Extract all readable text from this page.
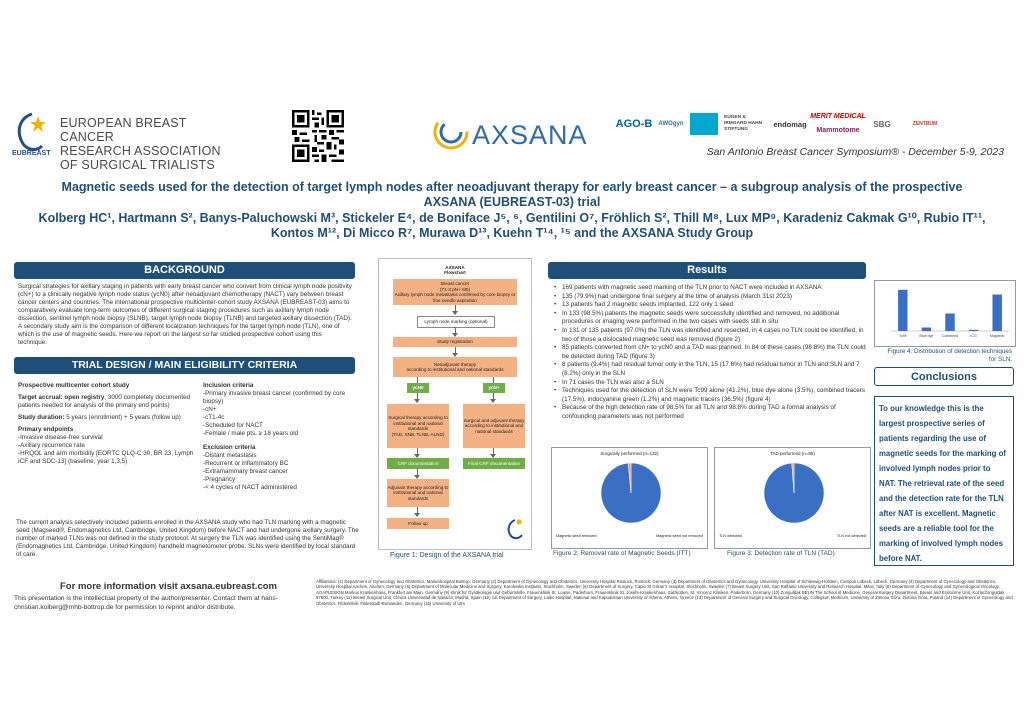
EUROPEAN BREAST CANCER
RESEARCH ASSOCIATION
OF SURGICAL TRIALISTS
EUBREAST
AXSANA	AGO-B	AWOgyn
EUGEN & IRMGARD HAHN STIFTUNG
endomag
MERIT MEDICAL
Mammotome
SBG	ZENTRUM
San Antonio Breast Cancer Symposium® - December 5-9, 2023
Magnetic seeds used for the detection of target lymph nodes after neoadjuvant therapy for early breast cancer – a subgroup analysis of the prospective AXSANA (EUBREAST-03) trial
Kolberg HC¹, Hartmann S², Banys-Paluchowski M³, Stickeler E⁴, de Boniface J⁵, ⁶, Gentilini O⁷, Fröhlich S², Thill M⁸, Lux MP⁹, Karadeniz Cakmak G¹⁰, Rubio IT¹¹, Kontos M¹², Di Micco R⁷, Murawa D¹³, Kuehn T¹⁴, ¹⁵ and the AXSANA Study Group
BACKGROUND
Surgical strategies for axillary staging in patients with early breast cancer who convert from clinical lymph node positivity (cN+) to a clinically negative lymph node status (ycN0) after neoadjuvant chemotherapy (NACT) vary between breast cancer centers and countries. The international prospective multicenter-cohort study AXSANA (EUBREAST-03) aims to comparatively evaluate long-term outcomes of different surgical staging procedures such as axillary lymph node dissection, sentinel lymph node biopsy (SLNB), target lymph node biopsy (TLNB) and targeted axillary dissection (TAD). A secondary study aim is the comparison of different localization techniques for the target lymph node (TLN), one of which is the use of magnetic seeds. Here we report on the largest so far studied prospective cohort using this technique.
TRIAL DESIGN / MAIN ELIGIBILITY CRITERIA
Prospective multicenter cohort study
Target accrual: open registry, 3000 completely documented patients needed for analysis of the primary end points)
Study duration: 5 years (enrollment) + 5 years (follow up)
Primary endpoints
-Invasive disease-free survival
-Axillary recurrence rate
-HRQOL and arm morbidity [EORTC QLQ-C 30, BR 23, Lymph ICF and SDC-13] (baseline, year 1,3,5)
Inclusion criteria
-Primary invasive breast cancer (confirmed by core biopsy)
-cN+
-cT1-4c
-Scheduled for NACT
-Female / male pts. ≥ 18 years old
Exclusion criteria
-Distant metastasis
-Recurrent or inflammatory BC
-Extramammary breast cancer
-Pregnancy
-< 4 cycles of NACT administered
The current analysis selectively included patients enrolled in the AXSANA study who had TLN marking with a magnetic seed (Magseed®, Endomagnetics Ltd, Cambridge, United Kingdom) before NACT and had undergone axillary surgery. The number of marked TLNs was not defined in the study protocol. At surgery the TLN was identified using the SentiMag® (Endomagnetics Ltd, Cambridge, United Kingdom) handheld magnetometer probe. SLNs were identified by local standard of care.
AXSANA
Flowchart
Breast cancer
(T1-3 pN+ M0)
Axillary lymph node metastasis confirmed by core biopsy or fine needle aspiration
Lymph node marking (optional)
Study registration
Neoadjuvant therapy
according to institutional and national standards
ycN0	ycN+
Surgical therapy according to institutional and national standards
(TAD, SNB, TLNB, ALND)
Surgical and adjuvant therapy according to institutional and national standards
CRF documentation	Final CRF documentation
Adjuvant therapy according to institutional and national standards
Follow up
Figure 1: Design of the AXSANA trial
Results
• 169 patients with magnetic seed marking of the TLN prior to NACT were included in AXSANA
• 135 (79.9%) had undergone final surgery at the time of analysis (March 31st 2023)
• 13 patients had 2 magnetic seeds implanted, 122 only 1 seed
• In 133 (98.5%) patients the magnetic seeds were successfully identified and removed, no additional procedures or imaging were performed in the two cases with seeds still in situ
• In 131 of 135 patients (97.0%) the TLN was identified and resected, in 4 cases no TLN could be identified, in two of those a dislocated magnetic seed was removed (figure 2)
• 85 patients converted from cN+ to ycN0 and a TAD was planned. In 84 of these cases (98.8%) the TLN could be detected during TAD (figure 3)
• 8 patients (9.4%) had residual tumor only in the TLN, 15 (17.6%) had residual tumor in TLN and SLN and 7 (8.2%) only in the SLN
• In 71 cases the TLN was also a SLN
• Techniques used for the detection of SLN were Tc99 alone (41.2%), blue dye alone (3.5%), combined tracers (17.5%), indocyanine green (1.2%) and magnetic tracers (36.5%) (figure 4)
• Because of the high detection rate of 98.5% for all TLN and 98.8% during TAD a formal analysis of confounding parameters was not performed
Surgically performed (n=132)
Magnetic seed removed	Magnetic seed not removed
Figure 2: Removal rate of Magnetic Seeds (ITT)
TAD performed (n=85)
TLN detected	TLN not detected
Figure 3: Detection rate of TLN (TAD)
Tc99	Blue dye Combined	ICG	Magnetic
Figure 4: Distribution of detection techniques for SLN.
Conclusions
To our knowledge this is the largest prospective series of patients regarding the use of magnetic seeds for the marking of involved lymph nodes prior to NAT. The retrieval rate of the seed and the detection rate for the TLN after NAT is excellent. Magnetic seeds are a reliable tool for the marking of involved lymph nodes before NAT.
For more information visit axsana.eubreast.com
This presentation is the intellectual property of the author/presenter. Contact them at hans-christian.kolberg@mhb-bottrop.de for permission to reprint and/or distribute.
Affiliations: (1) Department of Gynecology and Obstetrics, Marienhospital Bottrop, Germany (2) Department of Gynecology and Obstetrics, University Hospital Rostock, Rostock, Germany (3) Department of Obstetrics and Gynecology, University Hospital of Schleswig-Holstein, Campus Lübeck, Lübeck, Germany (4) Department of Gynecology and Obstetrics, University Hospital Aachen, Aachen, Germany (5) Department of Molecular Medicine and Surgery, Karolinska Institutet, Stockholm, Sweden (6) Department of Surgery, Capio St Göran's Hospital, Stockholm, Sweden (7) Breast Surgery Unit, San Raffaele University and Research Hospital, Milan, Italy (8) Department of Gynecology and Gynecological Oncology, AGAPLESION Markus Krankenhaus, Frankfurt am Main, Germany (9) Klinik für Gynäkologie und Geburtshilfe, Frauenklinik St. Louise, Paderborn, Frauenklinik St. Josefs-Krankenhaus, Salzkotten, St. Vincenz Kliniken, Paderborn, Germany (10) Zonguldak BEUN The School of Medicine, General Surgery Department, Breast and Endocrine Unit, Kozlu/Zonguldak 67600, Turkey (11) Breast Surgical Unit, Clínica Universidad de Navarra, Madrid, Spain (12) 1st Department of Surgery, Laiko Hospital, National and Kapodistrian University of Athens, Athens, Greece (13) Department of General Surgery and Surgical Oncology, Collegium Medicum, University of Zielona Góra, Zielona Góra, Poland (14) Department of Gynecology and Obstetrics, Filderklinik, Filderstadt-Bonlanden, Germany (15) University of Ulm
